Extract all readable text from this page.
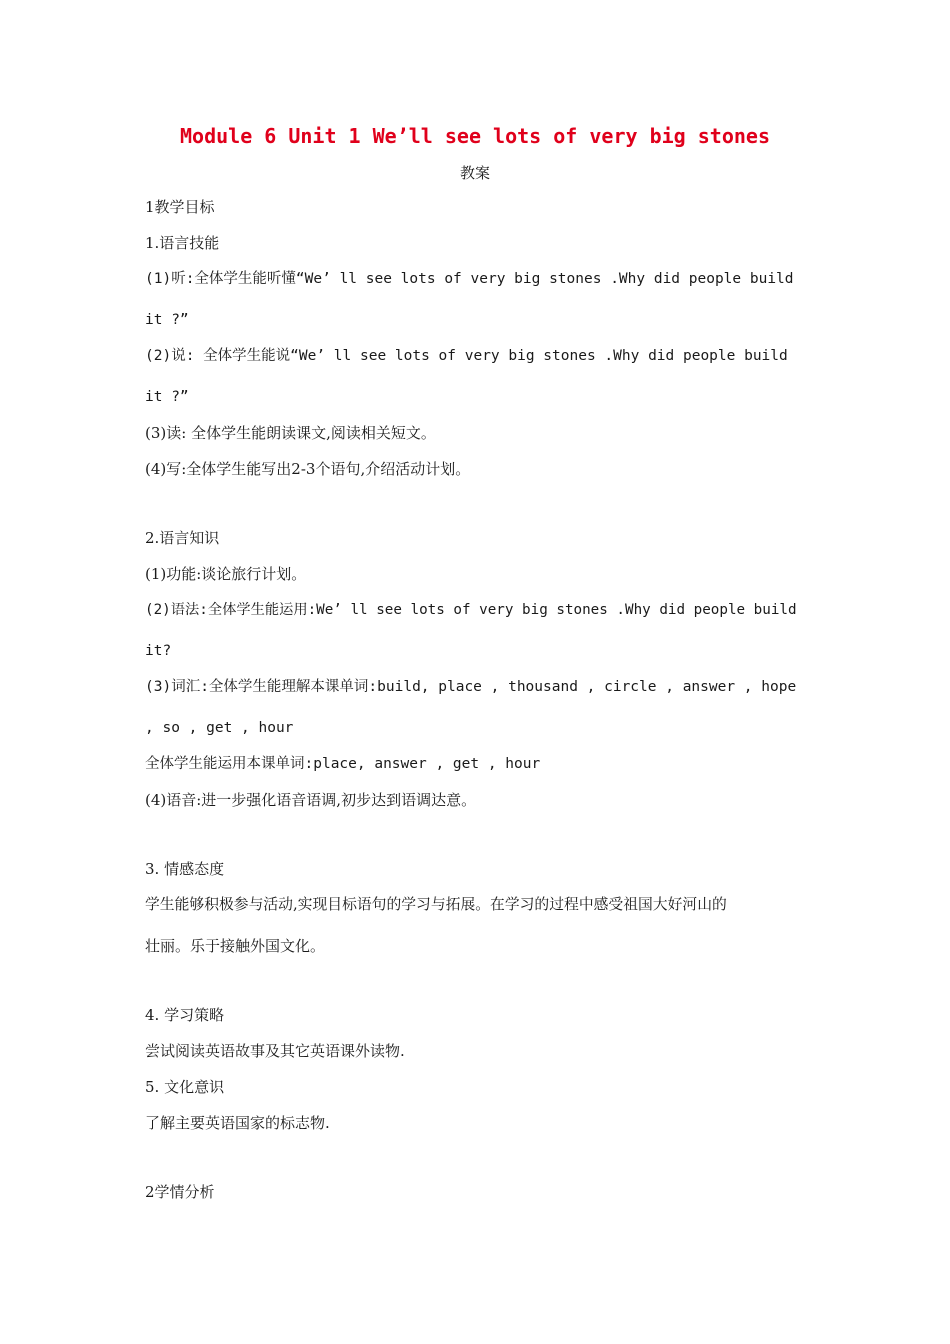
Module 6 Unit 1 We’ll see lots of very big stones
教案
1教学目标
1.语言技能
(1)听:全体学生能听懂“We’ ll see lots of very big stones .Why did people build
it ?”
(2)说: 全体学生能说“We’ ll see lots of very big stones .Why did people build
it ?”
(3)读: 全体学生能朗读课文,阅读相关短文。
(4)写:全体学生能写出2-3个语句,介绍活动计划。
2.语言知识
(1)功能:谈论旅行计划。
(2)语法:全体学生能运用:We’ ll see lots of very big stones .Why did people build
it?
(3)词汇:全体学生能理解本课单词:build, place , thousand , circle , answer , hope
, so , get , hour
全体学生能运用本课单词:place, answer , get , hour
(4)语音:进一步强化语音语调,初步达到语调达意。
3. 情感态度
学生能够积极参与活动,实现目标语句的学习与拓展。在学习的过程中感受祖国大好河山的
壮丽。乐于接触外国文化。
4. 学习策略
尝试阅读英语故事及其它英语课外读物.
5. 文化意识
了解主要英语国家的标志物.
2学情分析
